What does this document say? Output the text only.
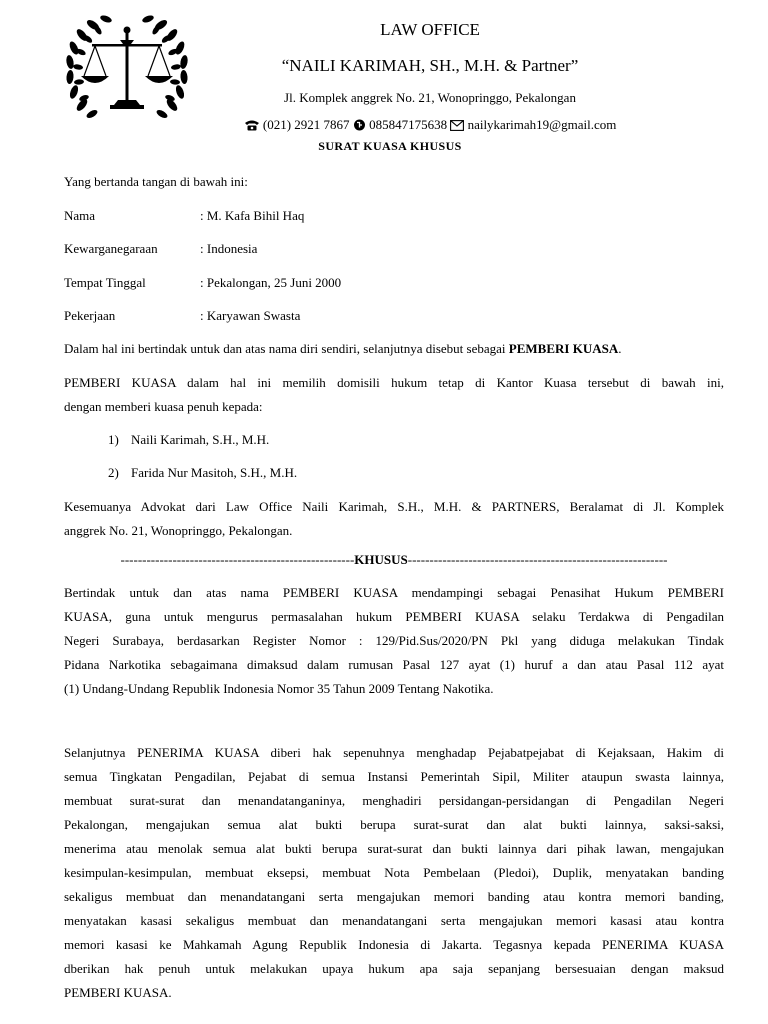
LAW OFFICE
“NAILI KARIMAH, SH., M.H. & Partner”
Jl. Komplek anggrek No. 21, Wonopringgo, Pekalongan
(021) 2921 7867 085847175638 nailykarimah19@gmail.com
SURAT KUASA KHUSUS
Yang bertanda tangan di bawah ini:
Nama	: M. Kafa Bihil Haq
Kewarganegaraan	: Indonesia
Tempat Tinggal	: Pekalongan, 25 Juni 2000
Pekerjaan	: Karyawan Swasta
Dalam hal ini bertindak untuk dan atas nama diri sendiri, selanjutnya disebut sebagai PEMBERI KUASA.
PEMBERI KUASA dalam hal ini memilih domisili hukum tetap di Kantor Kuasa tersebut di bawah ini,
dengan memberi kuasa penuh kepada:
1) Naili Karimah, S.H., M.H.
2) Farida Nur Masitoh, S.H., M.H.
Kesemuanya Advokat dari Law Office Naili Karimah, S.H., M.H. & PARTNERS, Beralamat di Jl. Komplek
anggrek No. 21, Wonopringgo, Pekalongan.
------------------------------------------------------KHUSUS------------------------------------------------------------
Bertindak untuk dan atas nama PEMBERI KUASA mendampingi sebagai Penasihat Hukum PEMBERI
KUASA, guna untuk mengurus permasalahan hukum PEMBERI KUASA selaku Terdakwa di Pengadilan
Negeri Surabaya, berdasarkan Register Nomor : 129/Pid.Sus/2020/PN Pkl yang diduga melakukan Tindak
Pidana Narkotika sebagaimana dimaksud dalam rumusan Pasal 127 ayat (1) huruf a dan atau Pasal 112 ayat
(1) Undang-Undang Republik Indonesia Nomor 35 Tahun 2009 Tentang Nakotika.
Selanjutnya PENERIMA KUASA diberi hak sepenuhnya menghadap Pejabatpejabat di Kejaksaan, Hakim di
semua Tingkatan Pengadilan, Pejabat di semua Instansi Pemerintah Sipil, Militer ataupun swasta lainnya,
membuat surat-surat dan menandatanganinya, menghadiri persidangan-persidangan di Pengadilan Negeri
Pekalongan, mengajukan semua alat bukti berupa surat-surat dan alat bukti lainnya, saksi-saksi,
menerima atau menolak semua alat bukti berupa surat-surat dan bukti lainnya dari pihak lawan, mengajukan
kesimpulan-kesimpulan, membuat eksepsi, membuat Nota Pembelaan (Pledoi), Duplik, menyatakan banding
sekaligus membuat dan menandatangani serta mengajukan memori banding atau kontra memori banding,
menyatakan kasasi sekaligus membuat dan menandatangani serta mengajukan memori kasasi atau kontra
memori kasasi ke Mahkamah Agung Republik Indonesia di Jakarta. Tegasnya kepada PENERIMA KUASA
dberikan hak penuh untuk melakukan upaya hukum apa saja sepanjang bersesuaian dengan maksud
PEMBERI KUASA.
